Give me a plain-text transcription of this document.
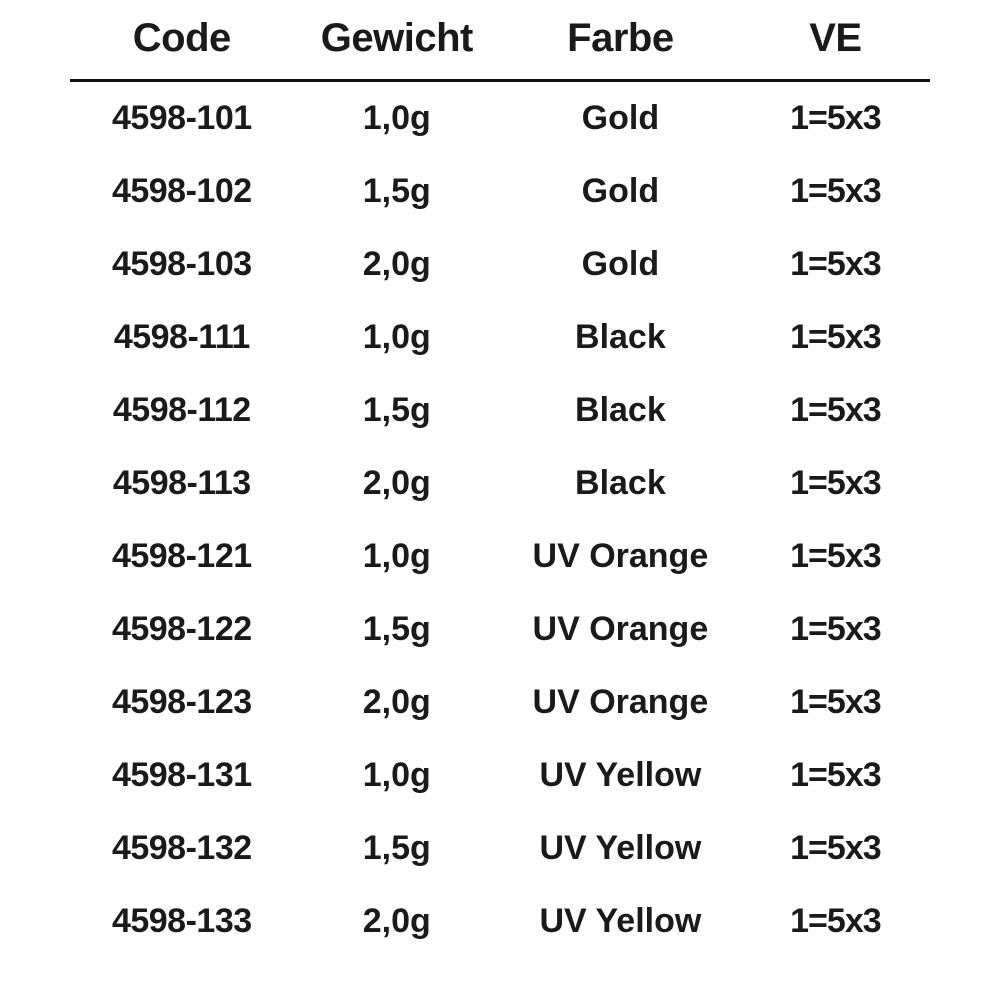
Code	Gewicht	Farbe	VE
4598-101	1,0g	Gold	1=5x3
4598-102	1,5g	Gold	1=5x3
4598-103	2,0g	Gold	1=5x3
4598-111	1,0g	Black	1=5x3
4598-112	1,5g	Black	1=5x3
4598-113	2,0g	Black	1=5x3
4598-121	1,0g	UV Orange	1=5x3
4598-122	1,5g	UV Orange	1=5x3
4598-123	2,0g	UV Orange	1=5x3
4598-131	1,0g	UV Yellow	1=5x3
4598-132	1,5g	UV Yellow	1=5x3
4598-133	2,0g	UV Yellow	1=5x3
